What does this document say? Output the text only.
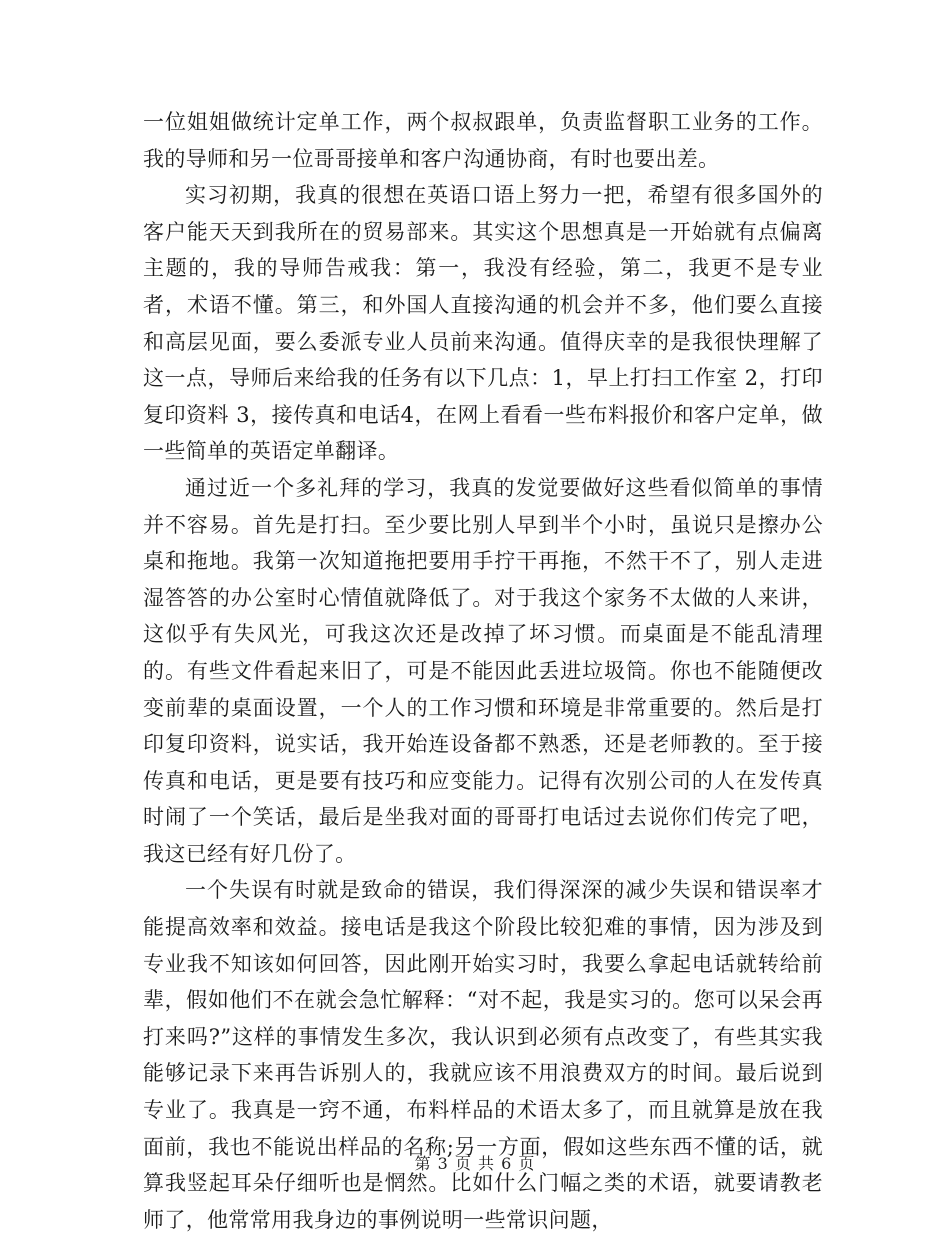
一位姐姐做统计定单工作，两个叔叔跟单，负责监督职工业务的工作。我的导师和另一位哥哥接单和客户沟通协商，有时也要出差。

实习初期，我真的很想在英语口语上努力一把，希望有很多国外的客户能天天到我所在的贸易部来。其实这个思想真是一开始就有点偏离主题的，我的导师告戒我：第一，我没有经验，第二，我更不是专业者，术语不懂。第三，和外国人直接沟通的机会并不多，他们要么直接和高层见面，要么委派专业人员前来沟通。值得庆幸的是我很快理解了这一点，导师后来给我的任务有以下几点：1，早上打扫工作室 2，打印复印资料 3，接传真和电话4，在网上看看一些布料报价和客户定单，做一些简单的英语定单翻译。

通过近一个多礼拜的学习，我真的发觉要做好这些看似简单的事情并不容易。首先是打扫。至少要比别人早到半个小时，虽说只是擦办公桌和拖地。我第一次知道拖把要用手拧干再拖，不然干不了，别人走进湿答答的办公室时心情值就降低了。对于我这个家务不太做的人来讲，这似乎有失风光，可我这次还是改掉了坏习惯。而桌面是不能乱清理的。有些文件看起来旧了，可是不能因此丢进垃圾筒。你也不能随便改变前辈的桌面设置，一个人的工作习惯和环境是非常重要的。然后是打印复印资料，说实话，我开始连设备都不熟悉，还是老师教的。至于接传真和电话，更是要有技巧和应变能力。记得有次别公司的人在发传真时闹了一个笑话，最后是坐我对面的哥哥打电话过去说你们传完了吧，我这已经有好几份了。

一个失误有时就是致命的错误，我们得深深的减少失误和错误率才能提高效率和效益。接电话是我这个阶段比较犯难的事情，因为涉及到专业我不知该如何回答，因此刚开始实习时，我要么拿起电话就转给前辈，假如他们不在就会急忙解释：“对不起，我是实习的。您可以呆会再打来吗?”这样的事情发生多次，我认识到必须有点改变了，有些其实我能够记录下来再告诉别人的，我就应该不用浪费双方的时间。最后说到专业了。我真是一窍不通，布料样品的术语太多了，而且就算是放在我面前，我也不能说出样品的名称;另一方面，假如这些东西不懂的话，就算我竖起耳朵仔细听也是惘然。比如什么门幅之类的术语，就要请教老师了，他常常用我身边的事例说明一些常识问题，

第 3 页 共 6 页
